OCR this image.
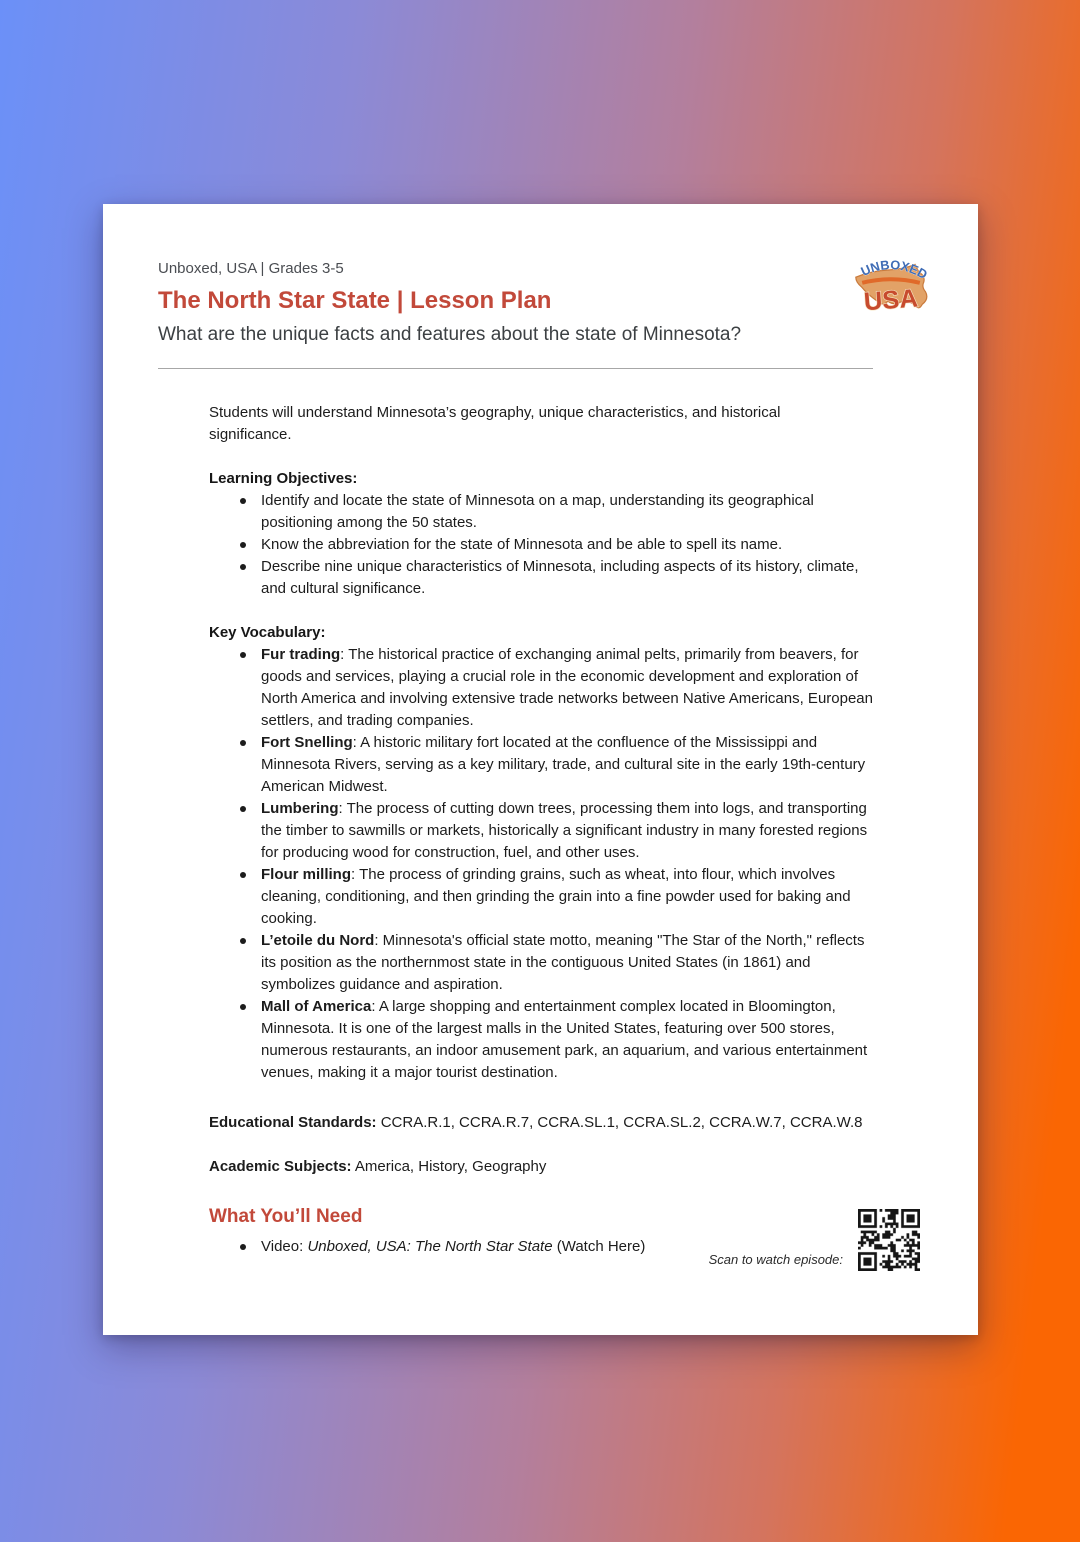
Unboxed, USA | Grades 3-5
The North Star State | Lesson Plan
What are the unique facts and features about the state of Minnesota?
UNBOXED
USA

Students will understand Minnesota’s geography, unique characteristics, and historical significance.

Learning Objectives:
Identify and locate the state of Minnesota on a map, understanding its geographical positioning among the 50 states.
Know the abbreviation for the state of Minnesota and be able to spell its name.
Describe nine unique characteristics of Minnesota, including aspects of its history, climate, and cultural significance.
Key Vocabulary:
Fur trading: The historical practice of exchanging animal pelts, primarily from beavers, for goods and services, playing a crucial role in the economic development and exploration of North America and involving extensive trade networks between Native Americans, European settlers, and trading companies.
Fort Snelling: A historic military fort located at the confluence of the Mississippi and Minnesota Rivers, serving as a key military, trade, and cultural site in the early 19th-century American Midwest.
Lumbering: The process of cutting down trees, processing them into logs, and transporting the timber to sawmills or markets, historically a significant industry in many forested regions for producing wood for construction, fuel, and other uses.
Flour milling: The process of grinding grains, such as wheat, into flour, which involves cleaning, conditioning, and then grinding the grain into a fine powder used for baking and cooking.
L’etoile du Nord: Minnesota's official state motto, meaning "The Star of the North," reflects its position as the northernmost state in the contiguous United States (in 1861) and symbolizes guidance and aspiration.
Mall of America: A large shopping and entertainment complex located in Bloomington, Minnesota. It is one of the largest malls in the United States, featuring over 500 stores, numerous restaurants, an indoor amusement park, an aquarium, and various entertainment venues, making it a major tourist destination.

Educational Standards: CCRA.R.1, CCRA.R.7, CCRA.SL.1, CCRA.SL.2, CCRA.W.7, CCRA.W.8

Academic Subjects: America, History, Geography

What You’ll Need
Video: Unboxed, USA: The North Star State (Watch Here)
Scan to watch episode:
